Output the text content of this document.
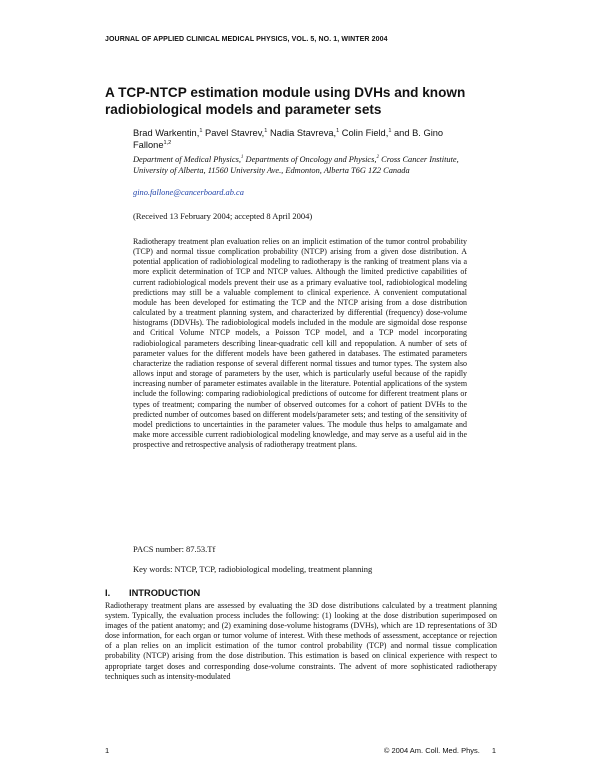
JOURNAL OF APPLIED CLINICAL MEDICAL PHYSICS, VOL. 5, NO. 1, WINTER 2004
A TCP-NTCP estimation module using DVHs and known radiobiological models and parameter sets
Brad Warkentin,$^1$ Pavel Stavrev,$^1$ Nadia Stavreva,$^1$ Colin Field,$^1$ and B. Gino Fallone$^{1,2}$
Department of Medical Physics,$^1$ Departments of Oncology and Physics,$^2$ Cross Cancer Institute, University of Alberta, 11560 University Ave., Edmonton, Alberta T6G 1Z2 Canada
gino.fallone@cancerboard.ab.ca
(Received 13 February 2004; accepted 8 April 2004)

Radiotherapy treatment plan evaluation relies on an implicit estimation of the tumor control probability (TCP) and normal tissue complication probability (NTCP) arising from a given dose distribution. A potential application of radiobiological modeling to radiotherapy is the ranking of treatment plans via a more explicit determination of TCP and NTCP values. Although the limited predictive capabilities of current radiobiological models prevent their use as a primary evaluative tool, radiobiological modeling predictions may still be a valuable complement to clinical experience. A convenient computational module has been developed for estimating the TCP and the NTCP arising from a dose distribution calculated by a treatment planning system, and characterized by differential (frequency) dose-volume histograms (DDVHs). The radiobiological models included in the module are sigmoidal dose response and Critical Volume NTCP models, a Poisson TCP model, and a TCP model incorporating radiobiological parameters describing linear-quadratic cell kill and repopulation. A number of sets of parameter values for the different models have been gathered in databases. The estimated parameters characterize the radiation response of several different normal tissues and tumor types. The system also allows input and storage of parameters by the user, which is particularly useful because of the rapidly increasing number of parameter estimates available in the literature. Potential applications of the system include the following: comparing radiobiological predictions of outcome for different treatment plans or types of treatment; comparing the number of observed outcomes for a cohort of patient DVHs to the predicted number of outcomes based on different models/parameter sets; and testing of the sensitivity of model predictions to uncertainties in the parameter values. The module thus helps to amalgamate and make more accessible current radiobiological modeling knowledge, and may serve as a useful aid in the prospective and retrospective analysis of radiotherapy treatment plans.

PACS number: 87.53.Tf
Key words: NTCP, TCP, radiobiological modeling, treatment planning
I. INTRODUCTION

Radiotherapy treatment plans are assessed by evaluating the 3D dose distributions calculated by a treatment planning system. Typically, the evaluation process includes the following: (1) looking at the dose distribution superimposed on images of the patient anatomy; and (2) examining dose-volume histograms (DVHs), which are 1D representations of 3D dose information, for each organ or tumor volume of interest. With these methods of assessment, acceptance or rejection of a plan relies on an implicit estimation of the tumor control probability (TCP) and normal tissue complication probability (NTCP) arising from the dose distribution. This estimation is based on clinical experience with respect to appropriate target doses and corresponding dose-volume constraints. The advent of more sophisticated radiotherapy techniques such as intensity-modulated

1	© 2004 Am. Coll. Med. Phys. 1
